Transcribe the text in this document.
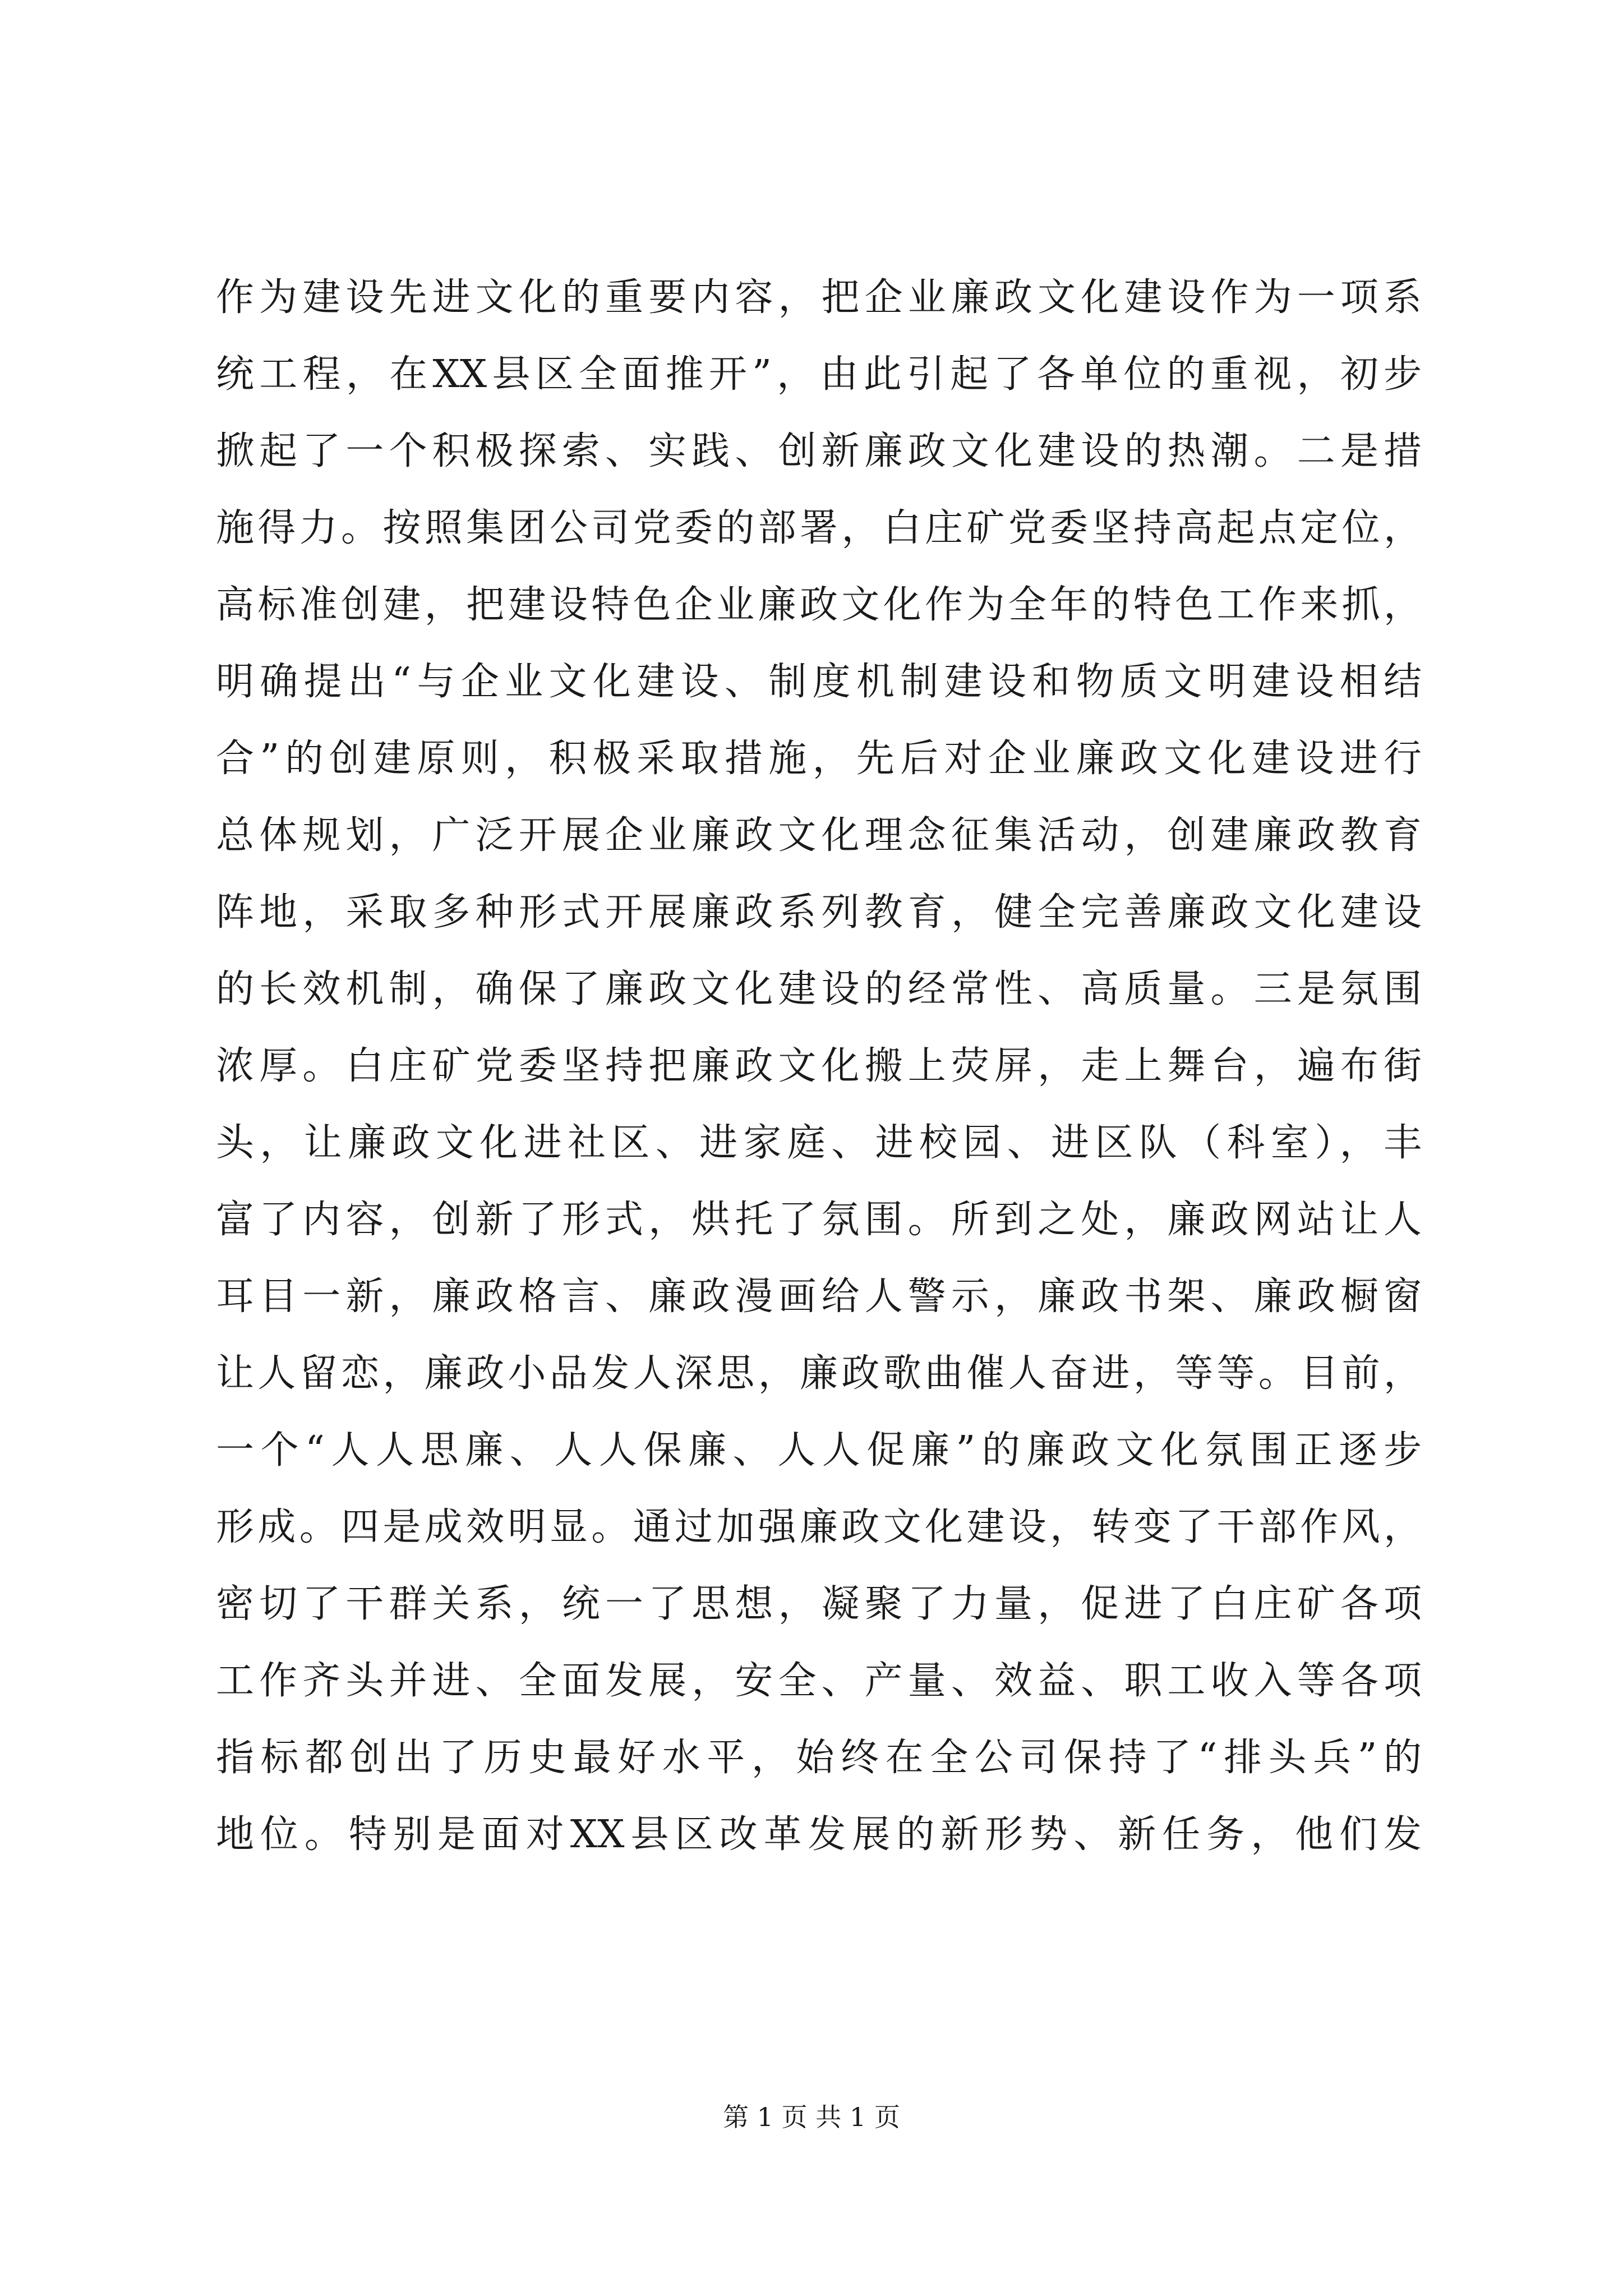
作为建设先进文化的重要内容，把企业廉政文化建设作为一项系
统工程，在XX县区全面推开”，由此引起了各单位的重视，初步
掀起了一个积极探索、实践、创新廉政文化建设的热潮。二是措
施得力。按照集团公司党委的部署，白庄矿党委坚持高起点定位，
高标准创建，把建设特色企业廉政文化作为全年的特色工作来抓，
明确提出“与企业文化建设、制度机制建设和物质文明建设相结
合”的创建原则，积极采取措施，先后对企业廉政文化建设进行
总体规划，广泛开展企业廉政文化理念征集活动，创建廉政教育
阵地，采取多种形式开展廉政系列教育，健全完善廉政文化建设
的长效机制，确保了廉政文化建设的经常性、高质量。三是氛围
浓厚。白庄矿党委坚持把廉政文化搬上荧屏，走上舞台，遍布街
头，让廉政文化进社区、进家庭、进校园、进区队（科室），丰
富了内容，创新了形式，烘托了氛围。所到之处，廉政网站让人
耳目一新，廉政格言、廉政漫画给人警示，廉政书架、廉政橱窗
让人留恋，廉政小品发人深思，廉政歌曲催人奋进，等等。目前，
一个“人人思廉、人人保廉、人人促廉”的廉政文化氛围正逐步
形成。四是成效明显。通过加强廉政文化建设，转变了干部作风，
密切了干群关系，统一了思想，凝聚了力量，促进了白庄矿各项
工作齐头并进、全面发展，安全、产量、效益、职工收入等各项
指标都创出了历史最好水平，始终在全公司保持了“排头兵”的
地位。特别是面对XX县区改革发展的新形势、新任务，他们发
第 1 页 共 1 页
